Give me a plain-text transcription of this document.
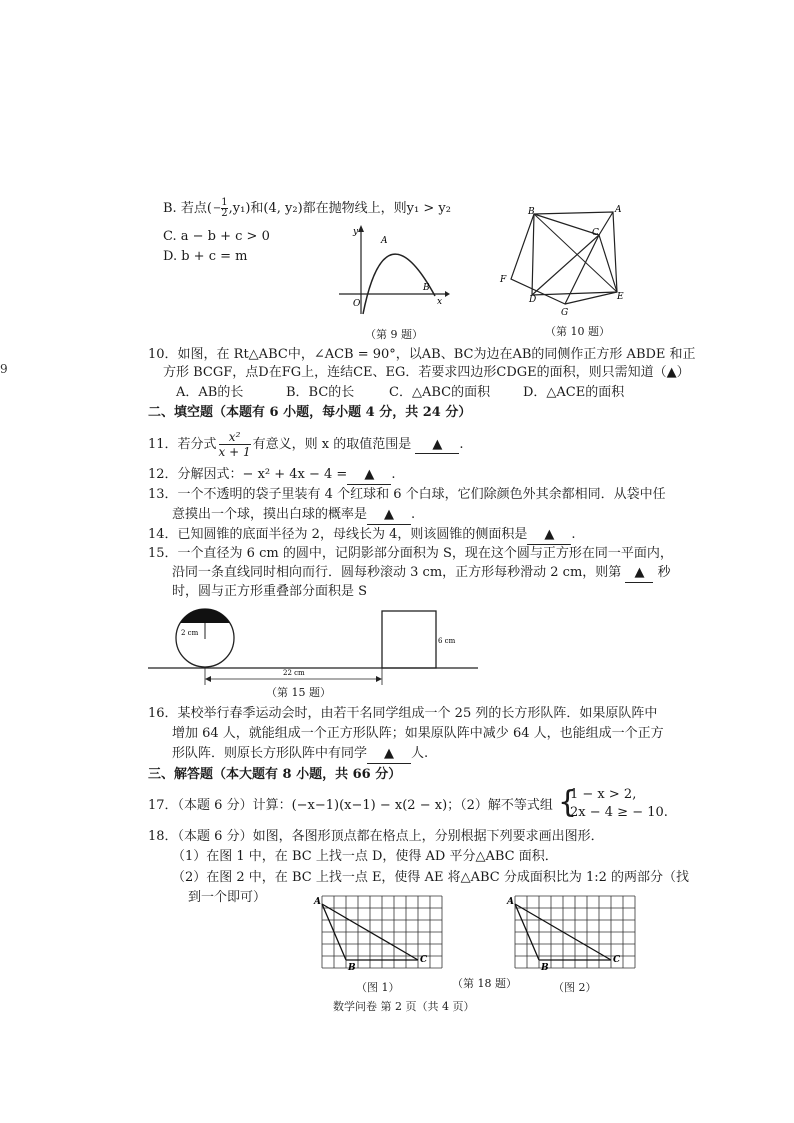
9
B. 若点(− $\frac{1}{2} ,y_1$)和(4, y₂)都在抛物线上，则y₁ > y₂
C. a − b + c > 0
D. b + c = m
y
A
O
B
x
（第 9 题）
B	A
C
F
D	E
G
（第 10 题）
10．如图，在 Rt△ABC中，∠ACB = 90°，以AB、BC为边在AB的同侧作正方形 ABDE 和正
方形 BCGF，点D在FG上，连结CE、EG．若要求四边形CDGE的面积，则只需知道（▲）
A．AB的长	B．BC的长	C．△ABC的面积	D．△ACE的面积
二、填空题（本题有 6 小题，每小题 4 分，共 24 分）
11．若分式 $\frac{\text{x²}}{x + 1}$ 有意义，则 x 的取值范围是 ▲ .
12．分解因式：− x² + 4x − 4 = ▲ .
13．一个不透明的袋子里装有 4 个红球和 6 个白球，它们除颜色外其余都相同．从袋中任
意摸出一个球，摸出白球的概率是 ▲ .
14．已知圆锥的底面半径为 2，母线长为 4，则该圆锥的侧面积是 ▲ .
15．一个直径为 6 cm 的圆中，记阴影部分面积为 S，现在这个圆与正方形在同一平面内，
沿同一条直线同时相向而行．圆每秒滚动 3 cm，正方形每秒滑动 2 cm，则第 ▲ 秒
时，圆与正方形重叠部分面积是 S
2 cm
6 cm
22 cm
（第 15 题）
16．某校举行春季运动会时，由若干名同学组成一个 25 列的长方形队阵．如果原队阵中
增加 64 人，就能组成一个正方形队阵；如果原队阵中减少 64 人，也能组成一个正方
形队阵．则原长方形队阵中有同学 ▲ 人.
三、解答题（本大题有 8 小题，共 66 分）
17．（本题 6 分）计算：(−x−1)(x−1) − x(2 − x)；（2）解不等式组 {
1 − x > 2,
2x − 4 ≥ − 10.
18．（本题 6 分）如图，各图形顶点都在格点上，分别根据下列要求画出图形．
（1）在图 1 中，在 BC 上找一点 D，使得 AD 平分△ABC 面积．
（2）在图 2 中，在 BC 上找一点 E，使得 AE 将△ABC 分成面积比为 1:2 的两部分（找
到一个即可）	A
B
C
A
B
C
（图 1）	（第 18 题）	（图 2）
数学问卷 第 2 页（共 4 页）
